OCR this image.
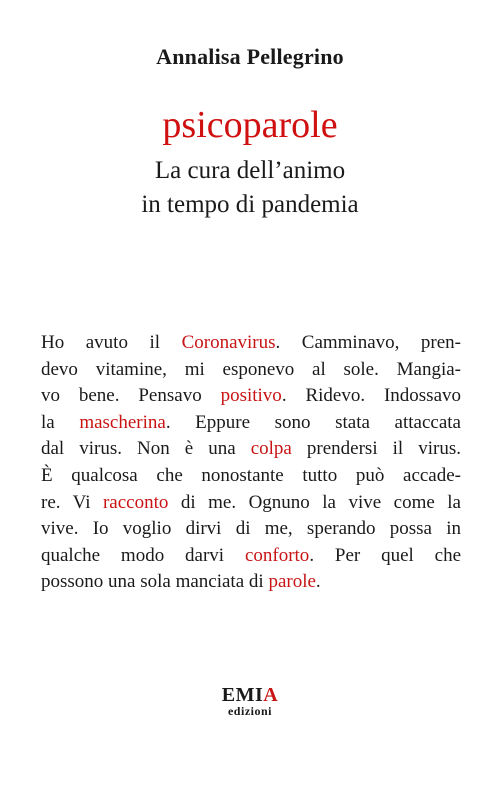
Annalisa Pellegrino
psicoparole
La cura dell’animo
in tempo di pandemia
Ho avuto il Coronavirus. Camminavo, pren-
devo vitamine, mi esponevo al sole. Mangia-
vo bene. Pensavo positivo. Ridevo. Indossavo
la mascherina. Eppure sono stata attaccata
dal virus. Non è una colpa prendersi il virus.
È qualcosa che nonostante tutto può accade-
re. Vi racconto di me. Ognuno la vive come la
vive. Io voglio dirvi di me, sperando possa in
qualche modo darvi conforto. Per quel che
possono una sola manciata di parole.
EMIA
edizioni
